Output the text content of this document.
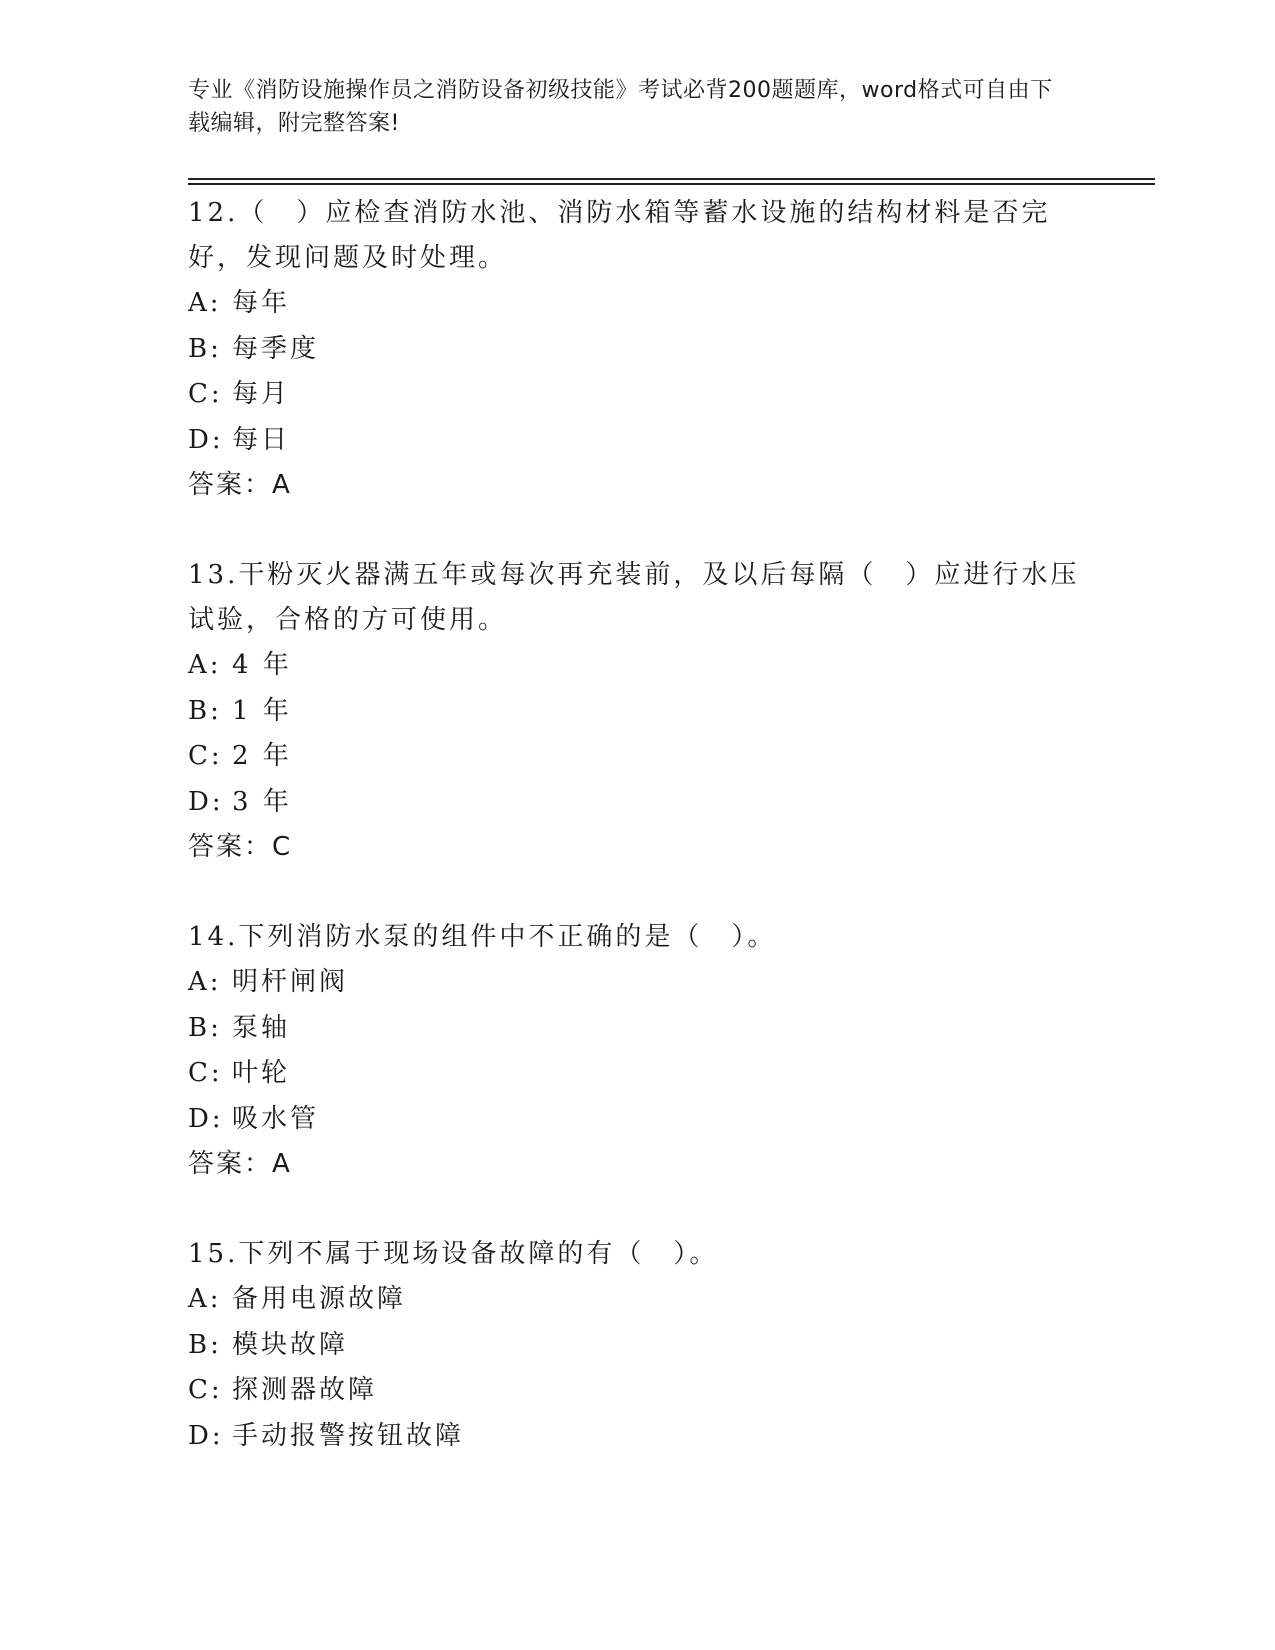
专业《消防设施操作员之消防设备初级技能》考试必背200题题库，word格式可自由下载编辑，附完整答案!

12.（　）应检查消防水池、消防水箱等蓄水设施的结构材料是否完好，发现问题及时处理。

A: 每年

B: 每季度

C: 每月

D: 每日

答案：A

13.干粉灭火器满五年或每次再充装前，及以后每隔（　）应进行水压试验，合格的方可使用。

A: 4 年

B: 1 年

C: 2 年

D: 3 年

答案：C

14.下列消防水泵的组件中不正确的是（　）。

A: 明杆闸阀

B: 泵轴

C: 叶轮

D: 吸水管

答案：A

15.下列不属于现场设备故障的有（　）。

A: 备用电源故障

B: 模块故障

C: 探测器故障

D: 手动报警按钮故障
